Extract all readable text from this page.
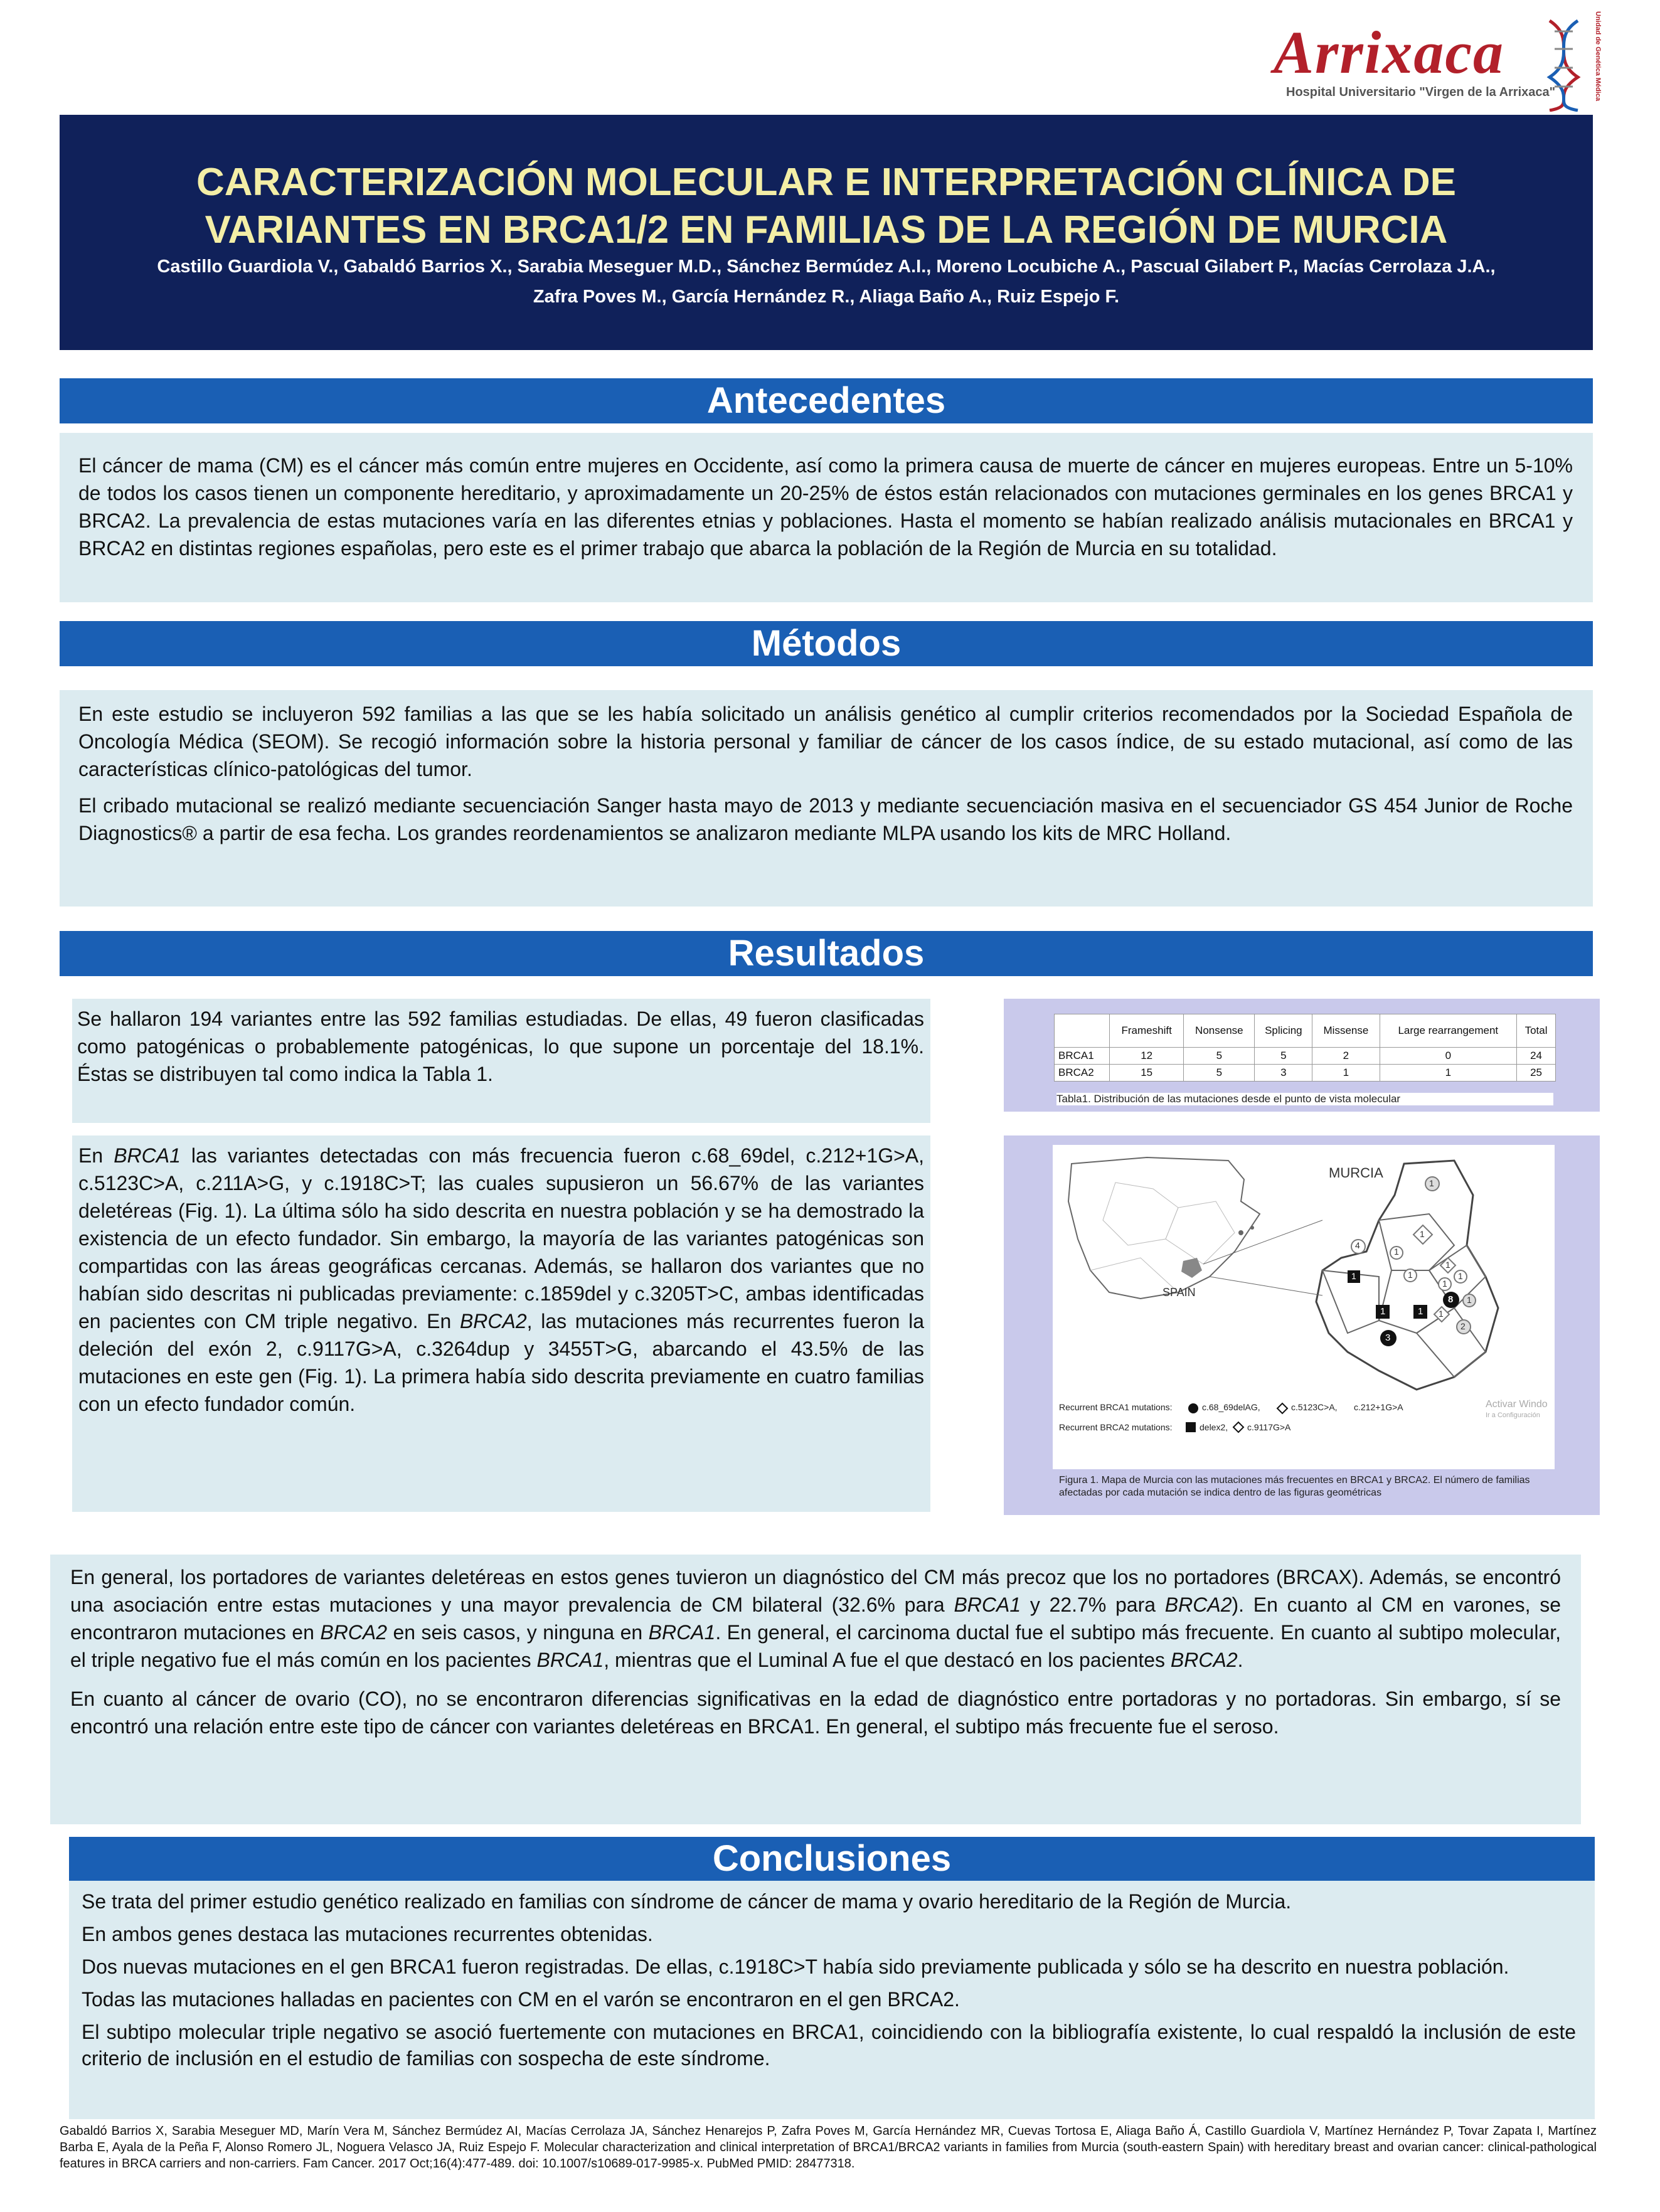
Arrixaca
Hospital Universitario "Virgen de la Arrixaca"	Unidad de Genética Médica
CARACTERIZACIÓN MOLECULAR E INTERPRETACIÓN CLÍNICA DE
VARIANTES EN BRCA1/2 EN FAMILIAS DE LA REGIÓN DE MURCIA
Castillo Guardiola V., Gabaldó Barrios X., Sarabia Meseguer M.D., Sánchez Bermúdez A.I., Moreno Locubiche A., Pascual Gilabert P., Macías Cerrolaza J.A.,
Zafra Poves M., García Hernández R., Aliaga Baño A., Ruiz Espejo F.
Antecedentes
El cáncer de mama (CM) es el cáncer más común entre mujeres en Occidente, así como la primera causa de muerte de cáncer en mujeres europeas. Entre un 5-10% de todos los casos tienen un componente hereditario, y aproximadamente un 20-25% de éstos están relacionados con mutaciones germinales en los genes BRCA1 y BRCA2. La prevalencia de estas mutaciones varía en las diferentes etnias y poblaciones. Hasta el momento se habían realizado análisis mutacionales en BRCA1 y BRCA2 en distintas regiones españolas, pero este es el primer trabajo que abarca la población de la Región de Murcia en su totalidad.
Métodos

En este estudio se incluyeron 592 familias a las que se les había solicitado un análisis genético al cumplir criterios recomendados por la Sociedad Española de Oncología Médica (SEOM). Se recogió información sobre la historia personal y familiar de cáncer de los casos índice, de su estado mutacional, así como de las características clínico-patológicas del tumor.

El cribado mutacional se realizó mediante secuenciación Sanger hasta mayo de 2013 y mediante secuenciación masiva en el secuenciador GS 454 Junior de Roche Diagnostics® a partir de esa fecha. Los grandes reordenamientos se analizaron mediante MLPA usando los kits de MRC Holland.

Resultados
Se hallaron 194 variantes entre las 592 familias estudiadas. De ellas, 49 fueron clasificadas como patogénicas o probablemente patogénicas, lo que supone un porcentaje del 18.1%. Éstas se distribuyen tal como indica la Tabla 1.
En BRCA1 las variantes detectadas con más frecuencia fueron c.68_69del, c.212+1G>A, c.5123C>A, c.211A>G, y c.1918C>T; las cuales supusieron un 56.67% de las variantes deletéreas (Fig. 1). La última sólo ha sido descrita en nuestra población y se ha demostrado la existencia de un efecto fundador. Sin embargo, la mayoría de las variantes patogénicas son compartidas con las áreas geográficas cercanas. Además, se hallaron dos variantes que no habían sido descritas ni publicadas previamente: c.1859del y c.3205T>C, ambas identificadas en pacientes con CM triple negativo. En BRCA2, las mutaciones más recurrentes fueron la deleción del exón 2, c.9117G>A, c.3264dup y 3455T>G, abarcando el 43.5% de las mutaciones en este gen (Fig. 1). La primera había sido descrita previamente en cuatro familias con un efecto fundador común.
	Frameshift	Nonsense	Splicing	Missense	Large rearrangement	Total
BRCA1	12	5	5	2	0	24
BRCA2	15	5	3	1	1	25
Tabla1. Distribución de las mutaciones desde el punto de vista molecular
MURCIA
SPAIN
1
4
1
1
1
1	1
1
1
8 1
1
2
1 1
3
Recurrent BRCA1 mutations:	c.68_69delAG,	c.5123C>A, c.212+1G>A
Recurrent BRCA2 mutations:	delex2, c.9117G>A
Activar Windo
Ir a Configuración
Figura 1. Mapa de Murcia con las mutaciones más frecuentes en BRCA1 y BRCA2. El número de familias afectadas por cada mutación se indica dentro de las figuras geométricas

En general, los portadores de variantes deletéreas en estos genes tuvieron un diagnóstico del CM más precoz que los no portadores (BRCAX). Además, se encontró una asociación entre estas mutaciones y una mayor prevalencia de CM bilateral (32.6% para BRCA1 y 22.7% para BRCA2). En cuanto al CM en varones, se encontraron mutaciones en BRCA2 en seis casos, y ninguna en BRCA1. En general, el carcinoma ductal fue el subtipo más frecuente. En cuanto al subtipo molecular, el triple negativo fue el más común en los pacientes BRCA1, mientras que el Luminal A fue el que destacó en los pacientes BRCA2.

En cuanto al cáncer de ovario (CO), no se encontraron diferencias significativas en la edad de diagnóstico entre portadoras y no portadoras. Sin embargo, sí se encontró una relación entre este tipo de cáncer con variantes deletéreas en BRCA1. En general, el subtipo más frecuente fue el seroso.

Conclusiones

Se trata del primer estudio genético realizado en familias con síndrome de cáncer de mama y ovario hereditario de la Región de Murcia.

En ambos genes destaca las mutaciones recurrentes obtenidas.

Dos nuevas mutaciones en el gen BRCA1 fueron registradas. De ellas, c.1918C>T había sido previamente publicada y sólo se ha descrito en nuestra población.

Todas las mutaciones halladas en pacientes con CM en el varón se encontraron en el gen BRCA2.

El subtipo molecular triple negativo se asoció fuertemente con mutaciones en BRCA1, coincidiendo con la bibliografía existente, lo cual respaldó la inclusión de este criterio de inclusión en el estudio de familias con sospecha de este síndrome.

Gabaldó Barrios X, Sarabia Meseguer MD, Marín Vera M, Sánchez Bermúdez AI, Macías Cerrolaza JA, Sánchez Henarejos P, Zafra Poves M, García Hernández MR, Cuevas Tortosa E, Aliaga Baño Á, Castillo Guardiola V, Martínez Hernández P, Tovar Zapata I, Martínez Barba E, Ayala de la Peña F, Alonso Romero JL, Noguera Velasco JA, Ruiz Espejo F. Molecular characterization and clinical interpretation of BRCA1/BRCA2 variants in families from Murcia (south-eastern Spain) with hereditary breast and ovarian cancer: clinical-pathological features in BRCA carriers and non-carriers. Fam Cancer. 2017 Oct;16(4):477-489. doi: 10.1007/s10689-017-9985-x. PubMed PMID: 28477318.
